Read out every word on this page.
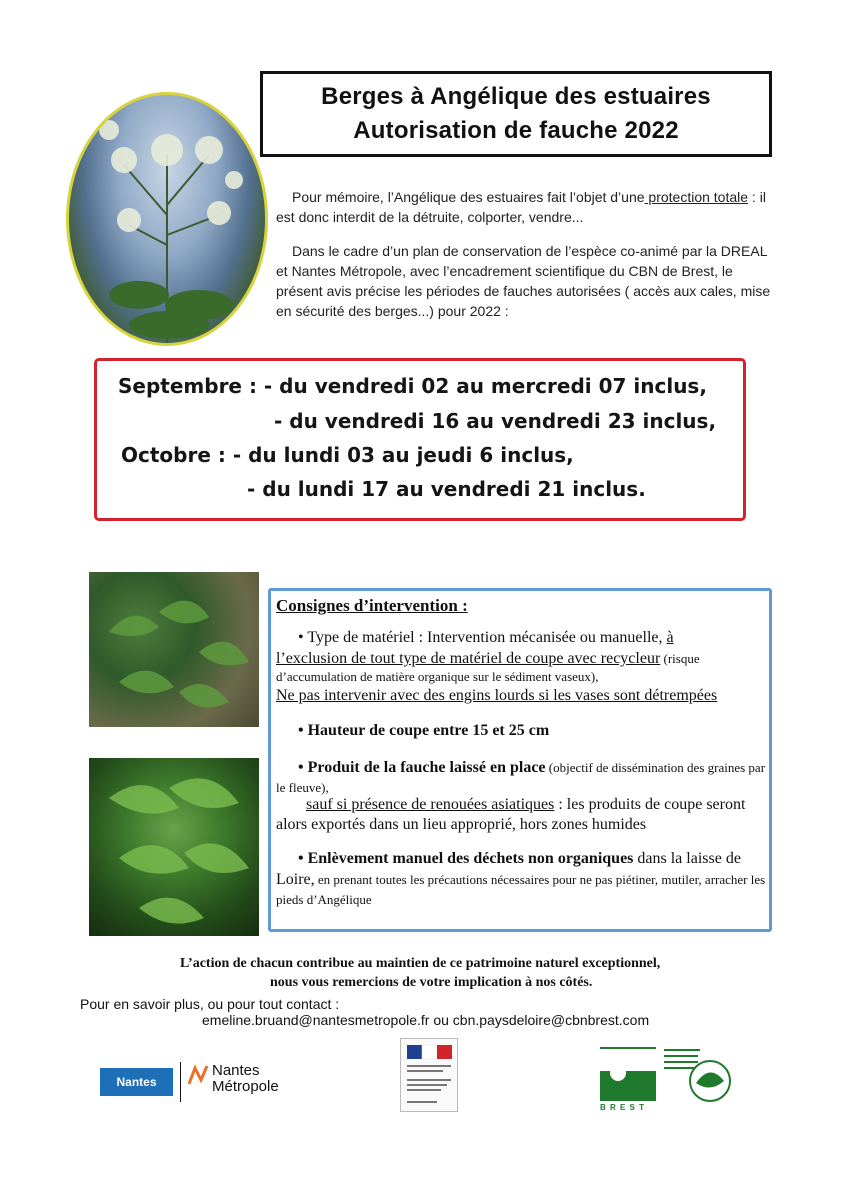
Berges à Angélique des estuaires
Autorisation de fauche 2022
Pour mémoire, l’Angélique des estuaires fait l’objet d’une protection totale : il est donc interdit de la détruite, colporter, vendre...
Dans le cadre d’un plan de conservation de l’espèce co-animé par la DREAL et Nantes Métropole, avec l’encadrement scientifique du CBN de Brest, le présent avis précise les périodes de fauches autorisées ( accès aux cales, mise en sécurité des berges...) pour 2022 :
Septembre : - du vendredi 02 au mercredi 07 inclus,
- du vendredi 16 au vendredi 23 inclus,
Octobre : - du lundi 03 au jeudi 6 inclus,
- du lundi 17 au vendredi 21 inclus.
Consignes d’intervention :
• Type de matériel : Intervention mécanisée ou manuelle, à
l’exclusion de tout type de matériel de coupe avec recycleur (risque d’accumulation de matière organique sur le sédiment vaseux),
Ne pas intervenir avec des engins lourds si les vases sont détrempées
• Hauteur de coupe entre 15 et 25 cm
• Produit de la fauche laissé en place (objectif de dissémination des graines par le fleuve),
sauf si présence de renouées asiatiques : les produits de coupe seront alors exportés dans un lieu approprié, hors zones humides
• Enlèvement manuel des déchets non organiques dans la laisse de
Loire, en prenant toutes les précautions nécessaires pour ne pas piétiner, mutiler, arracher les pieds d’Angélique
L’action de chacun contribue au maintien de ce patrimoine naturel exceptionnel,
nous vous remercions de votre implication à nos côtés.
Pour en savoir plus, ou pour tout contact :
emeline.bruand@nantesmetropole.fr ou cbn.paysdeloire@cbnbrest.com
Nantes
Nantes
Métropole
B R E S T
